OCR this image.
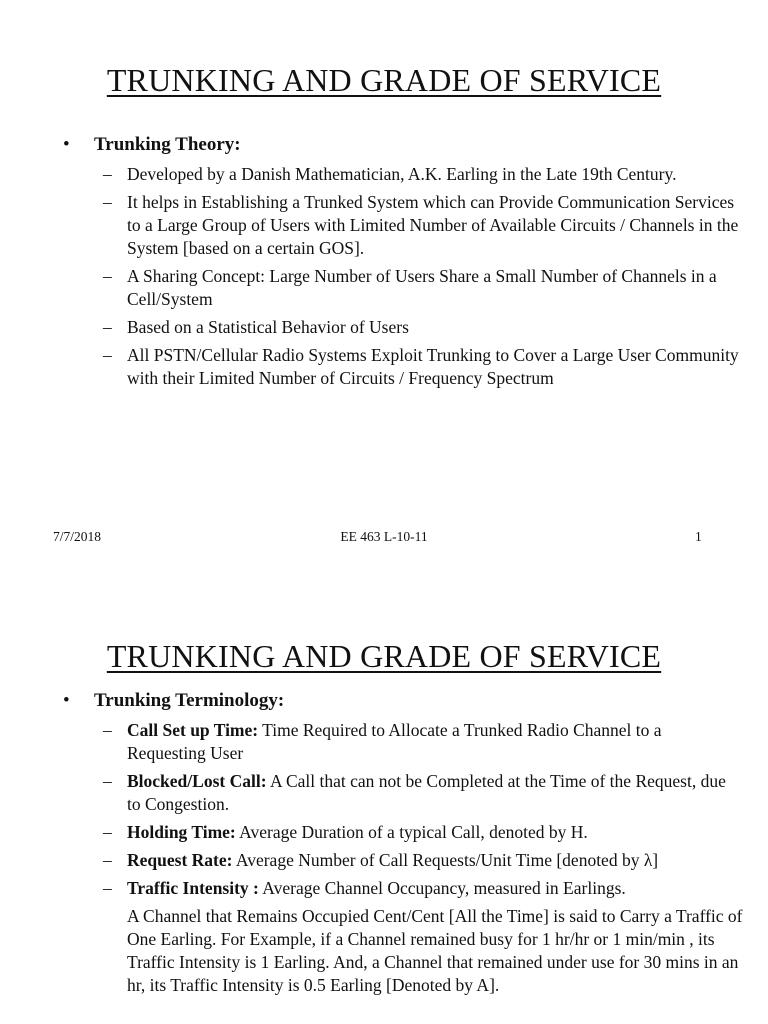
TRUNKING AND GRADE OF SERVICE
• Trunking Theory:
– Developed by a Danish Mathematician, A.K. Earling in the Late 19th Century.
– It helps in Establishing a Trunked System which can Provide Communication Services to a Large Group of Users with Limited Number of Available Circuits / Channels in the System [based on a certain GOS].
– A Sharing Concept: Large Number of Users Share a Small Number of Channels in a Cell/System
– Based on a Statistical Behavior of Users
– All PSTN/Cellular Radio Systems Exploit Trunking to Cover a Large User Community with their Limited Number of Circuits / Frequency Spectrum
7/7/2018	EE 463 L-10-11	1
TRUNKING AND GRADE OF SERVICE
• Trunking Terminology:
– Call Set up Time: Time Required to Allocate a Trunked Radio Channel to a Requesting User
– Blocked/Lost Call: A Call that can not be Completed at the Time of the Request, due to Congestion.
– Holding Time: Average Duration of a typical Call, denoted by H.
– Request Rate: Average Number of Call Requests/Unit Time [denoted by λ]
– Traffic Intensity : Average Channel Occupancy, measured in Earlings.
A Channel that Remains Occupied Cent/Cent [All the Time] is said to Carry a Traffic of One Earling. For Example, if a Channel remained busy for 1 hr/hr or 1 min/min , its Traffic Intensity is 1 Earling. And, a Channel that remained under use for 30 mins in an hr, its Traffic Intensity is 0.5 Earling [Denoted by A].
